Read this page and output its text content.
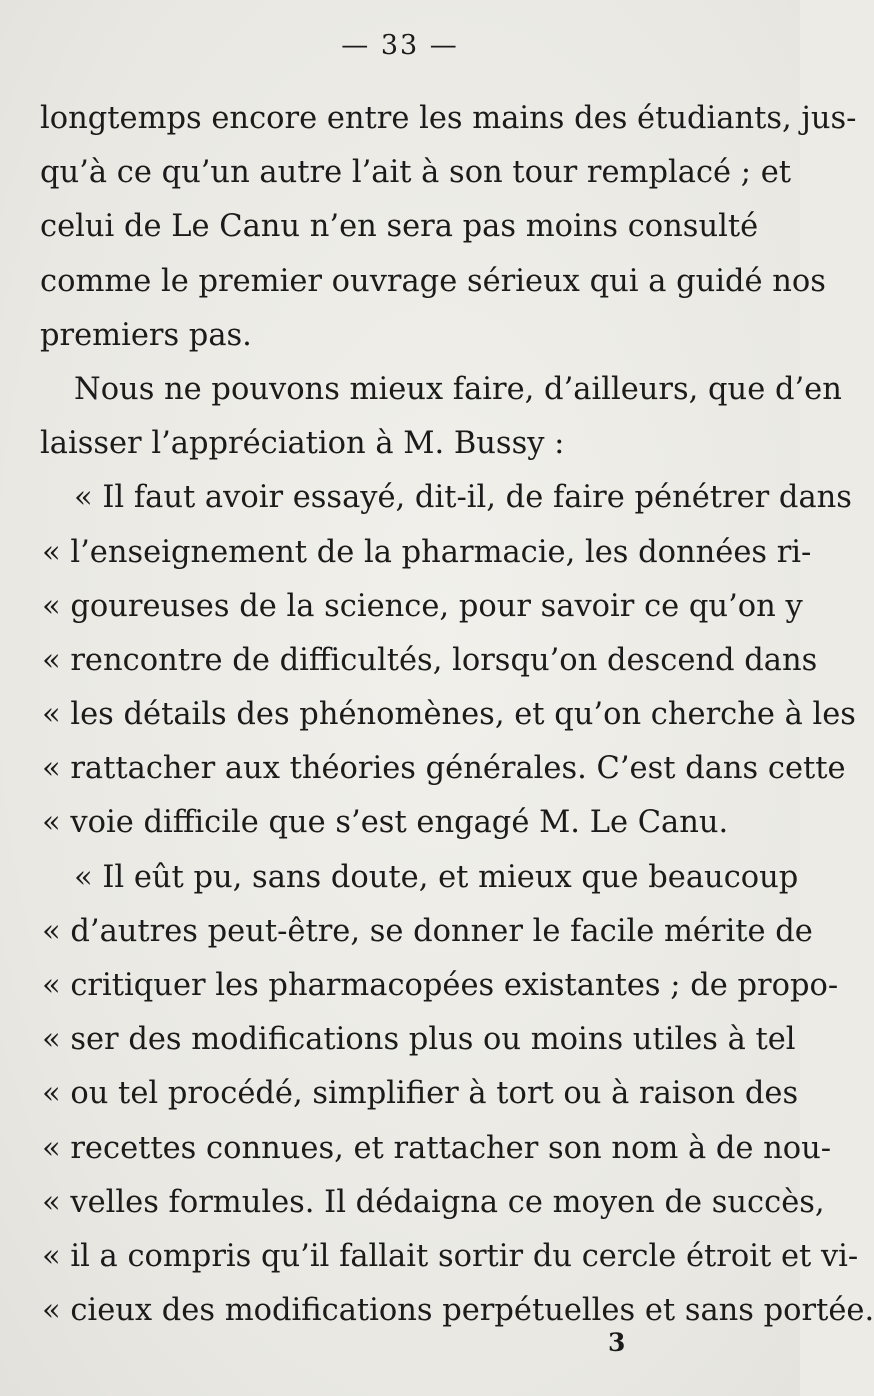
— 33 —
longtemps encore entre les mains des étudiants, jus-
qu’à ce qu’un autre l’ait à son tour remplacé ; et
celui de Le Canu n’en sera pas moins consulté
comme le premier ouvrage sérieux qui a guidé nos
premiers pas.
Nous ne pouvons mieux faire, d’ailleurs, que d’en
laisser l’appréciation à M. Bussy :
« Il faut avoir essayé, dit-il, de faire pénétrer dans
« l’enseignement de la pharmacie, les données ri-
« goureuses de la science, pour savoir ce qu’on y
« rencontre de difficultés, lorsqu’on descend dans
« les détails des phénomènes, et qu’on cherche à les
« rattacher aux théories générales. C’est dans cette
« voie difficile que s’est engagé M. Le Canu.
« Il eût pu, sans doute, et mieux que beaucoup
« d’autres peut-être, se donner le facile mérite de
« critiquer les pharmacopées existantes ; de propo-
« ser des modifications plus ou moins utiles à tel
« ou tel procédé, simplifier à tort ou à raison des
« recettes connues, et rattacher son nom à de nou-
« velles formules. Il dédaigna ce moyen de succès,
« il a compris qu’il fallait sortir du cercle étroit et vi-
« cieux des modifications perpétuelles et sans portée.
3
